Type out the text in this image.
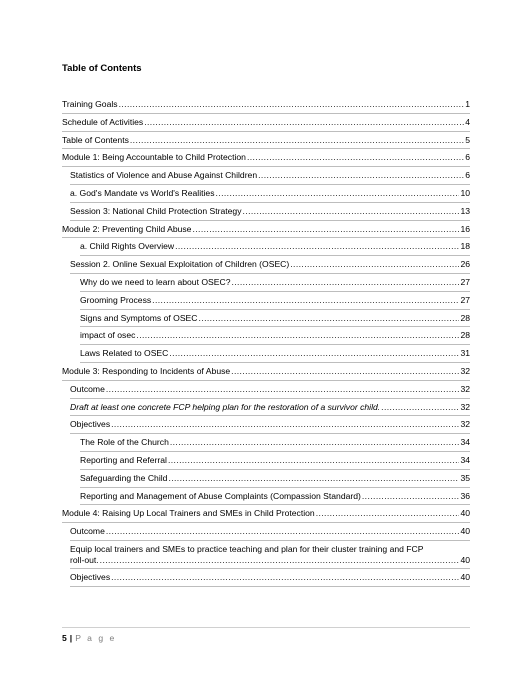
Table of Contents
Training Goals .....	1
Schedule of Activities .....	4
Table of Contents .....	5
Module 1: Being Accountable to Child Protection .....	6
Statistics of Violence and Abuse Against Children .....	6
a. God's Mandate vs World's Realities .....	10
Session 3: National Child Protection Strategy .....	13
Module 2: Preventing Child Abuse .....	16
a. Child Rights Overview .....	18
Session 2. Online Sexual Exploitation of Children (OSEC) .....	26
Why do we need to learn about OSEC? .....	27
Grooming Process .....	27
Signs and Symptoms of OSEC .....	28
impact of osec .....	28
Laws Related to OSEC .....	31
Module 3: Responding to Incidents of Abuse .....	32
Outcome .....	32
Draft at least one concrete FCP helping plan for the restoration of a survivor child. .....	32
Objectives .....	32
The Role of the Church .....	34
Reporting and Referral .....	34
Safeguarding the Child .....	35
Reporting and Management of Abuse Complaints (Compassion Standard) .....	36
Module 4: Raising Up Local Trainers and SMEs in Child Protection .....	40
Outcome .....	40
Equip local trainers and SMEs to practice teaching and plan for their cluster training and FCP
roll-out. .....	40
Objectives .....	40
5 | P a g e
